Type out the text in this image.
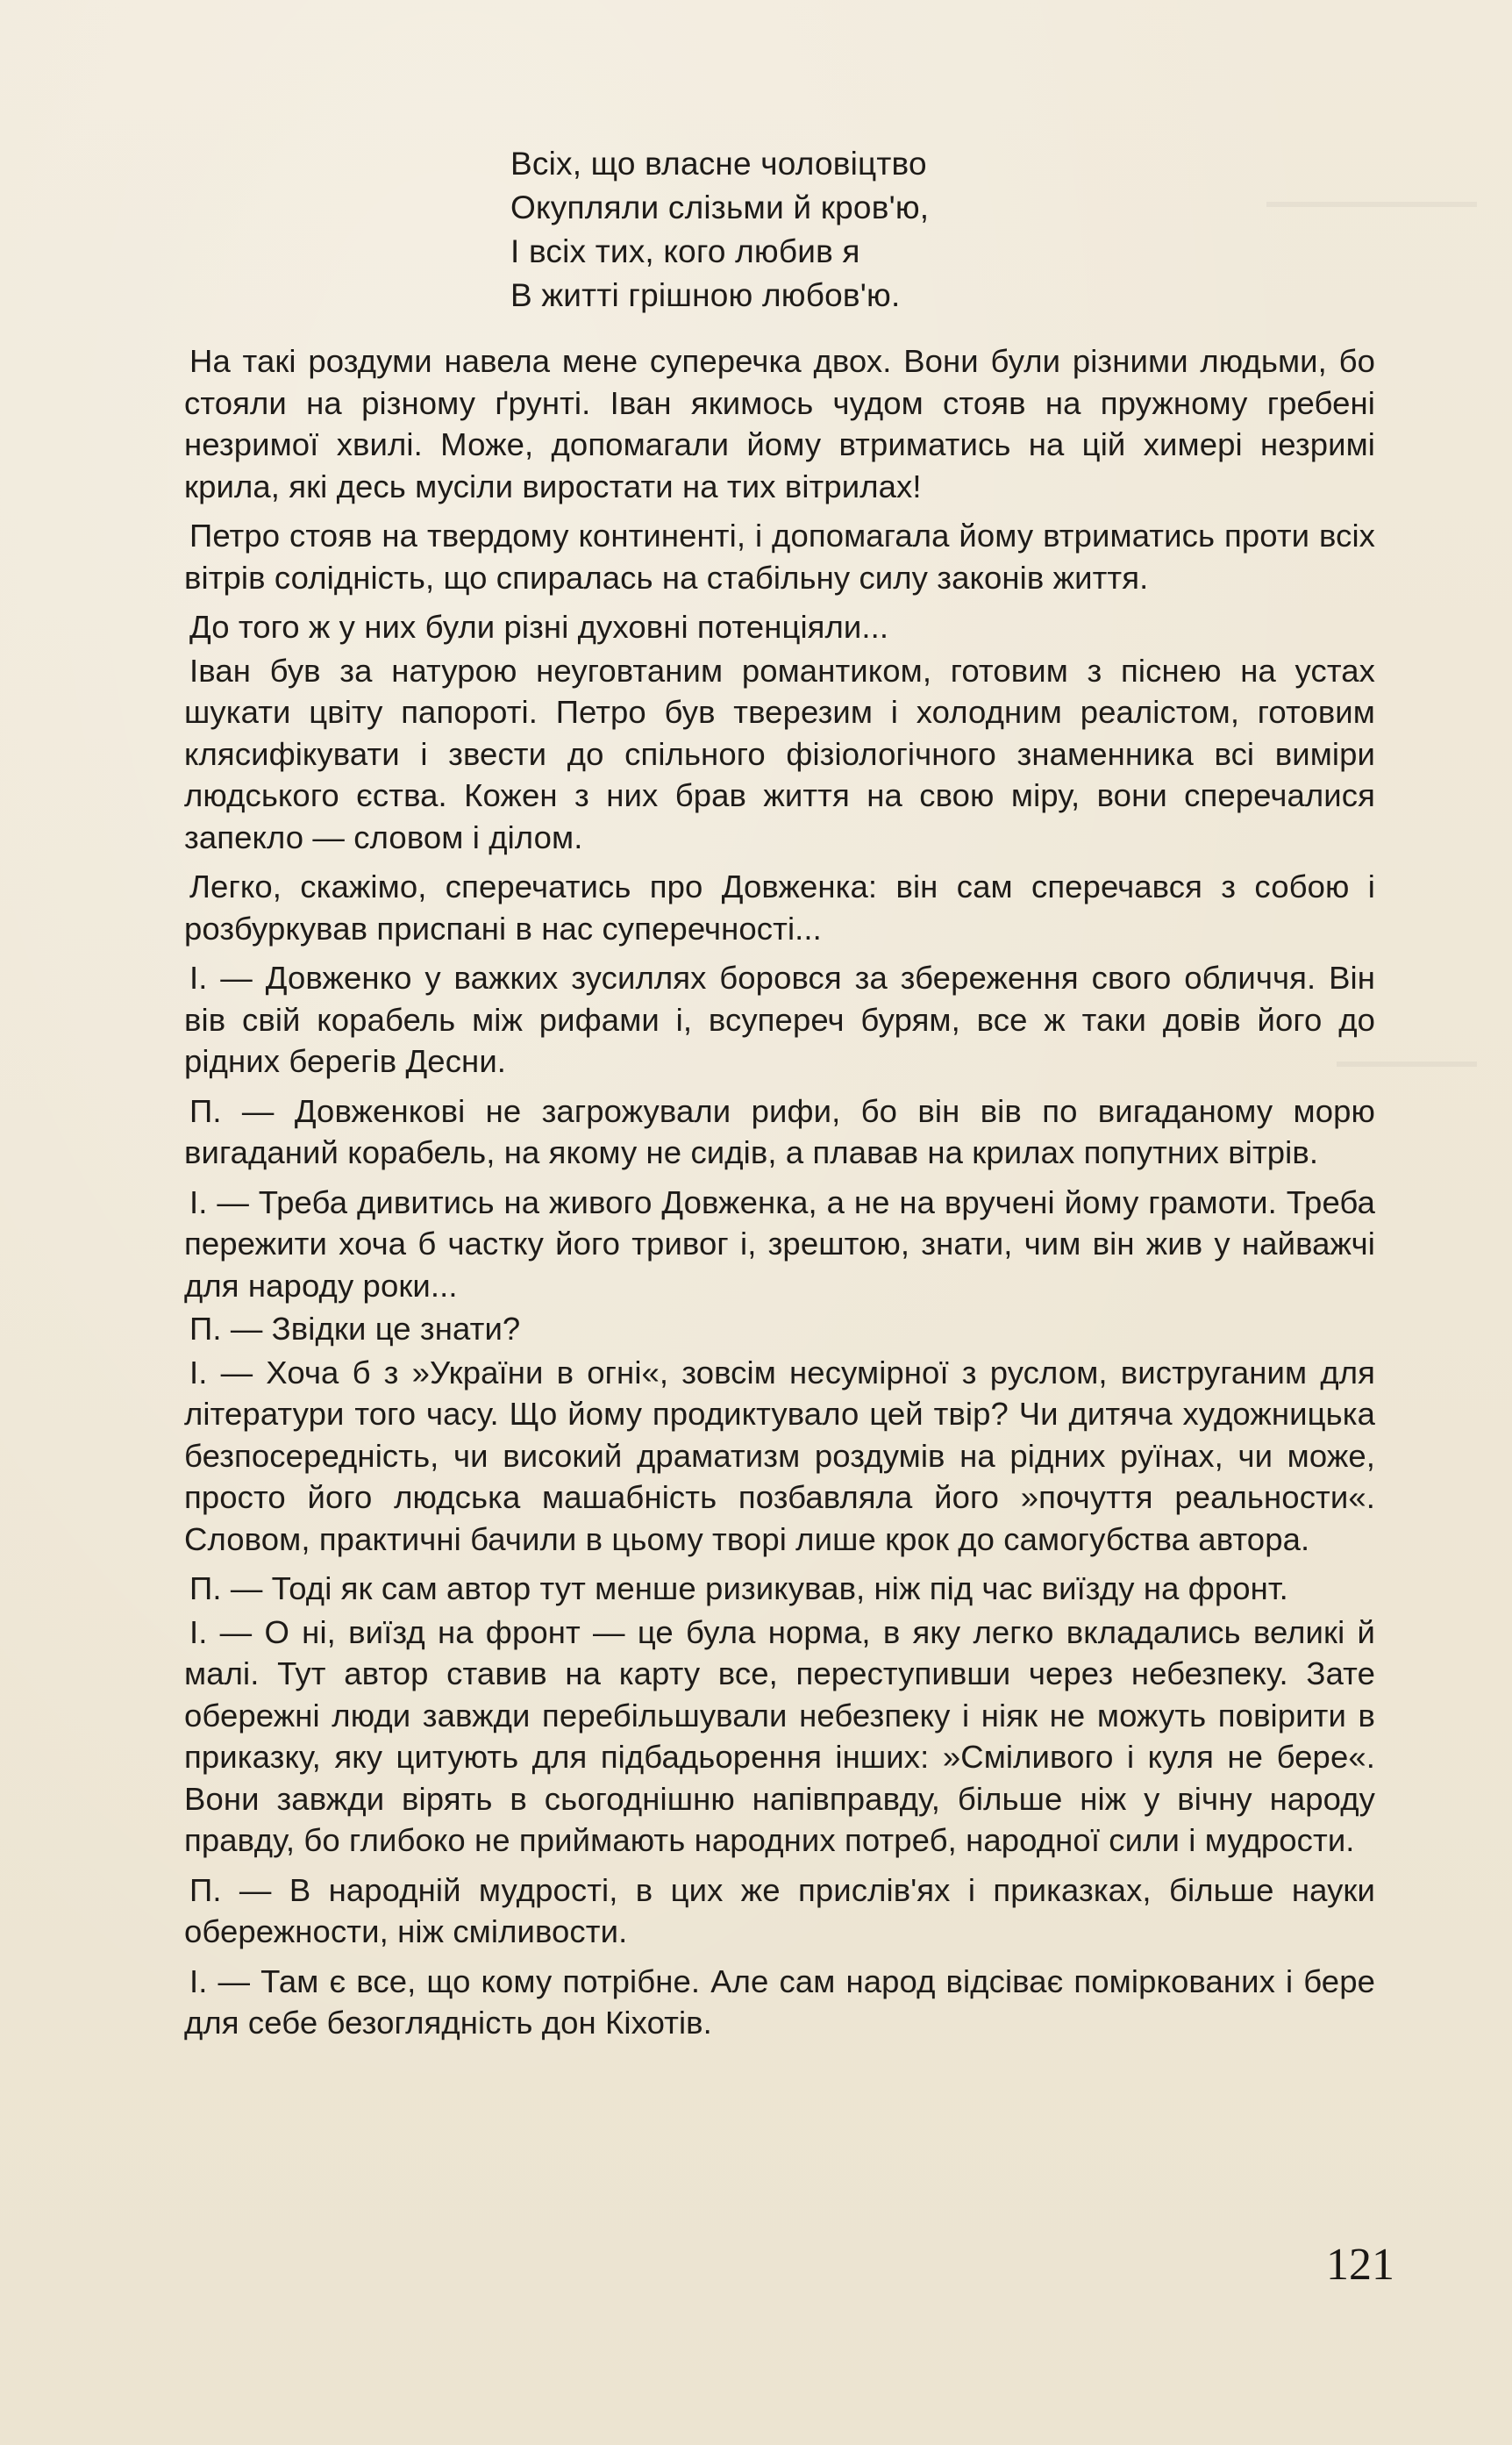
Всіх, що власне чоловіцтво
Окупляли слізьми й кров'ю,
І всіх тих, кого любив я
В житті грішною любов'ю.

На такі роздуми навела мене суперечка двох. Вони були різними людьми, бо стояли на різному ґрунті. Іван якимось чудом стояв на пружному гребені незримої хвилі. Може, допомагали йому втриматись на цій химері незримі крила, які десь мусіли виростати на тих вітрилах!

Петро стояв на твердому континенті, і допомагала йому втриматись проти всіх вітрів солідність, що спиралась на стабільну силу законів життя.

До того ж у них були різні духовні потенціяли...

Іван був за натурою неуговтаним романтиком, готовим з піснею на устах шукати цвіту папороті. Петро був тверезим і холодним реалістом, готовим клясифікувати і звести до спільного фізіологічного знаменника всі виміри людського єства. Кожен з них брав життя на свою міру, вони сперечалися запекло — словом і ділом.

Легко, скажімо, сперечатись про Довженка: він сам сперечався з собою і розбуркував приспані в нас суперечності...

І. — Довженко у важких зусиллях боровся за збереження свого обличчя. Він вів свій корабель між рифами і, всупереч бурям, все ж таки довів його до рідних берегів Десни.

П. — Довженкові не загрожували рифи, бо він вів по вигаданому морю вигаданий корабель, на якому не сидів, а плавав на крилах попутних вітрів.

І. — Треба дивитись на живого Довженка, а не на вручені йому грамоти. Треба пережити хоча б частку його тривог і, зрештою, знати, чим він жив у найважчі для народу роки...

П. — Звідки це знати?

І. — Хоча б з »України в огні«, зовсім несумірної з руслом, виструганим для літератури того часу. Що йому продиктувало цей твір? Чи дитяча художницька безпосередність, чи високий драматизм роздумів на рідних руїнах, чи може, просто його людська машабність позбавляла його »почуття реальности«. Словом, практичні бачили в цьому творі лише крок до самогубства автора.

П. — Тоді як сам автор тут менше ризикував, ніж під час виїзду на фронт.

І. — О ні, виїзд на фронт — це була норма, в яку легко вкладались великі й малі. Тут автор ставив на карту все, переступивши через небезпеку. Зате обережні люди завжди перебільшували небезпеку і ніяк не можуть повірити в приказку, яку цитують для підбадьорення інших: »Сміливого і куля не бере«. Вони завжди вірять в сьогоднішню напівправду, більше ніж у вічну народу правду, бо глибоко не приймають народних потреб, народної сили і мудрости.

П. — В народній мудрості, в цих же прислів'ях і приказках, більше науки обережности, ніж сміливости.

І. — Там є все, що кому потрібне. Але сам народ відсіває поміркованих і бере для себе безоглядність дон Кіхотів.

121
